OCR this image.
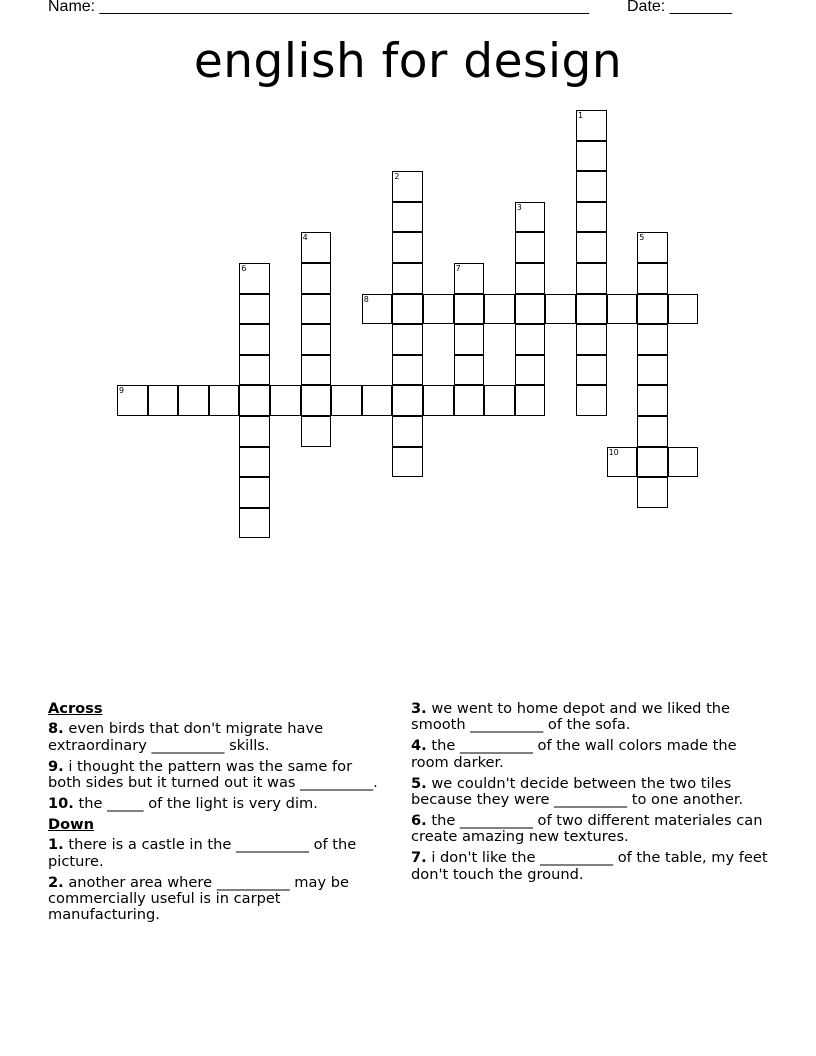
Name: _______________________________________________________ Date: _______
english for design
1
2
3
4	5
6	7
8
9
10
Across
8. even birds that don't migrate have extraordinary __________ skills.
9. i thought the pattern was the same for both sides but it turned out it was __________.
10. the _____ of the light is very dim.
Down
1. there is a castle in the __________ of the picture.
2. another area where __________ may be commercially useful is in carpet manufacturing.
3. we went to home depot and we liked the smooth __________ of the sofa.
4. the __________ of the wall colors made the room darker.
5. we couldn't decide between the two tiles because they were __________ to one another.
6. the __________ of two different materiales can create amazing new textures.
7. i don't like the __________ of the table, my feet don't touch the ground.
